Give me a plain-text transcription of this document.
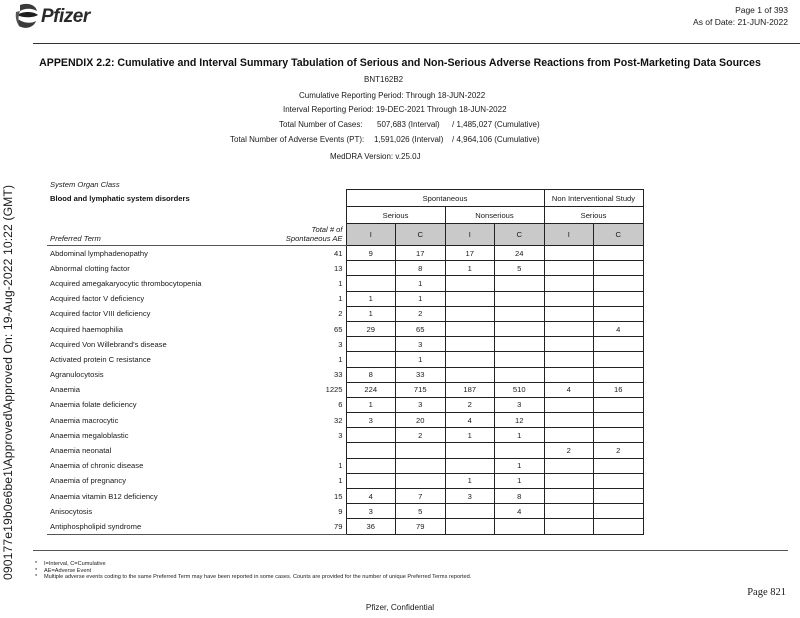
Pfizer	Page 1 of 393
As of Date: 21-JUN-2022
APPENDIX 2.2: Cumulative and Interval Summary Tabulation of Serious and Non-Serious Adverse Reactions from Post-Marketing Data Sources
BNT162B2
Cumulative Reporting Period: Through 18-JUN-2022
Interval Reporting Period: 19-DEC-2021 Through 18-JUN-2022
Total Number of Cases: 507,683 (Interval) / 1,485,027 (Cumulative)
Total Number of Adverse Events (PT): 1,591,026 (Interval) / 4,964,106 (Cumulative)
MedDRA Version: v.25.0J
090177e19b0e6be1\Approved\Approved On: 19-Aug-2022 10:22 (GMT)
System Organ Class
Blood and lymphatic system disorders
			Spontaneous				Non Interventional Study	
		Serious		Nonserious		Serious	
Preferred Term	Total # of
Spontaneous AE	I	C	I	C	I	C
Abdominal lymphadenopathy	41	9	17	17	24		
Abnormal clotting factor	13		8	1	5		
Acquired amegakaryocytic thrombocytopenia	1		1				
Acquired factor V deficiency	1	1	1				
Acquired factor VIII deficiency	2	1	2				
Acquired haemophilia	65	29	65				4
Acquired Von Willebrand's disease	3		3				
Activated protein C resistance	1		1				
Agranulocytosis	33	8	33				
Anaemia	1225	224	715	187	510	4	16
Anaemia folate deficiency	6	1	3	2	3		
Anaemia macrocytic	32	3	20	4	12		
Anaemia megaloblastic	3		2	1	1		
Anaemia neonatal						2	2
Anaemia of chronic disease	1				1		
Anaemia of pregnancy	1			1	1		
Anaemia vitamin B12 deficiency	15	4	7	3	8		
Anisocytosis	9	3	5		4		
Antiphospholipid syndrome	79	36	79				
* I=Interval, C=Cumulative
* AE=Adverse Event
* Multiple adverse events coding to the same Preferred Term may have been reported in some cases. Counts are provided for the number of unique Preferred Terms reported.
Page 821
Pfizer, Confidential
